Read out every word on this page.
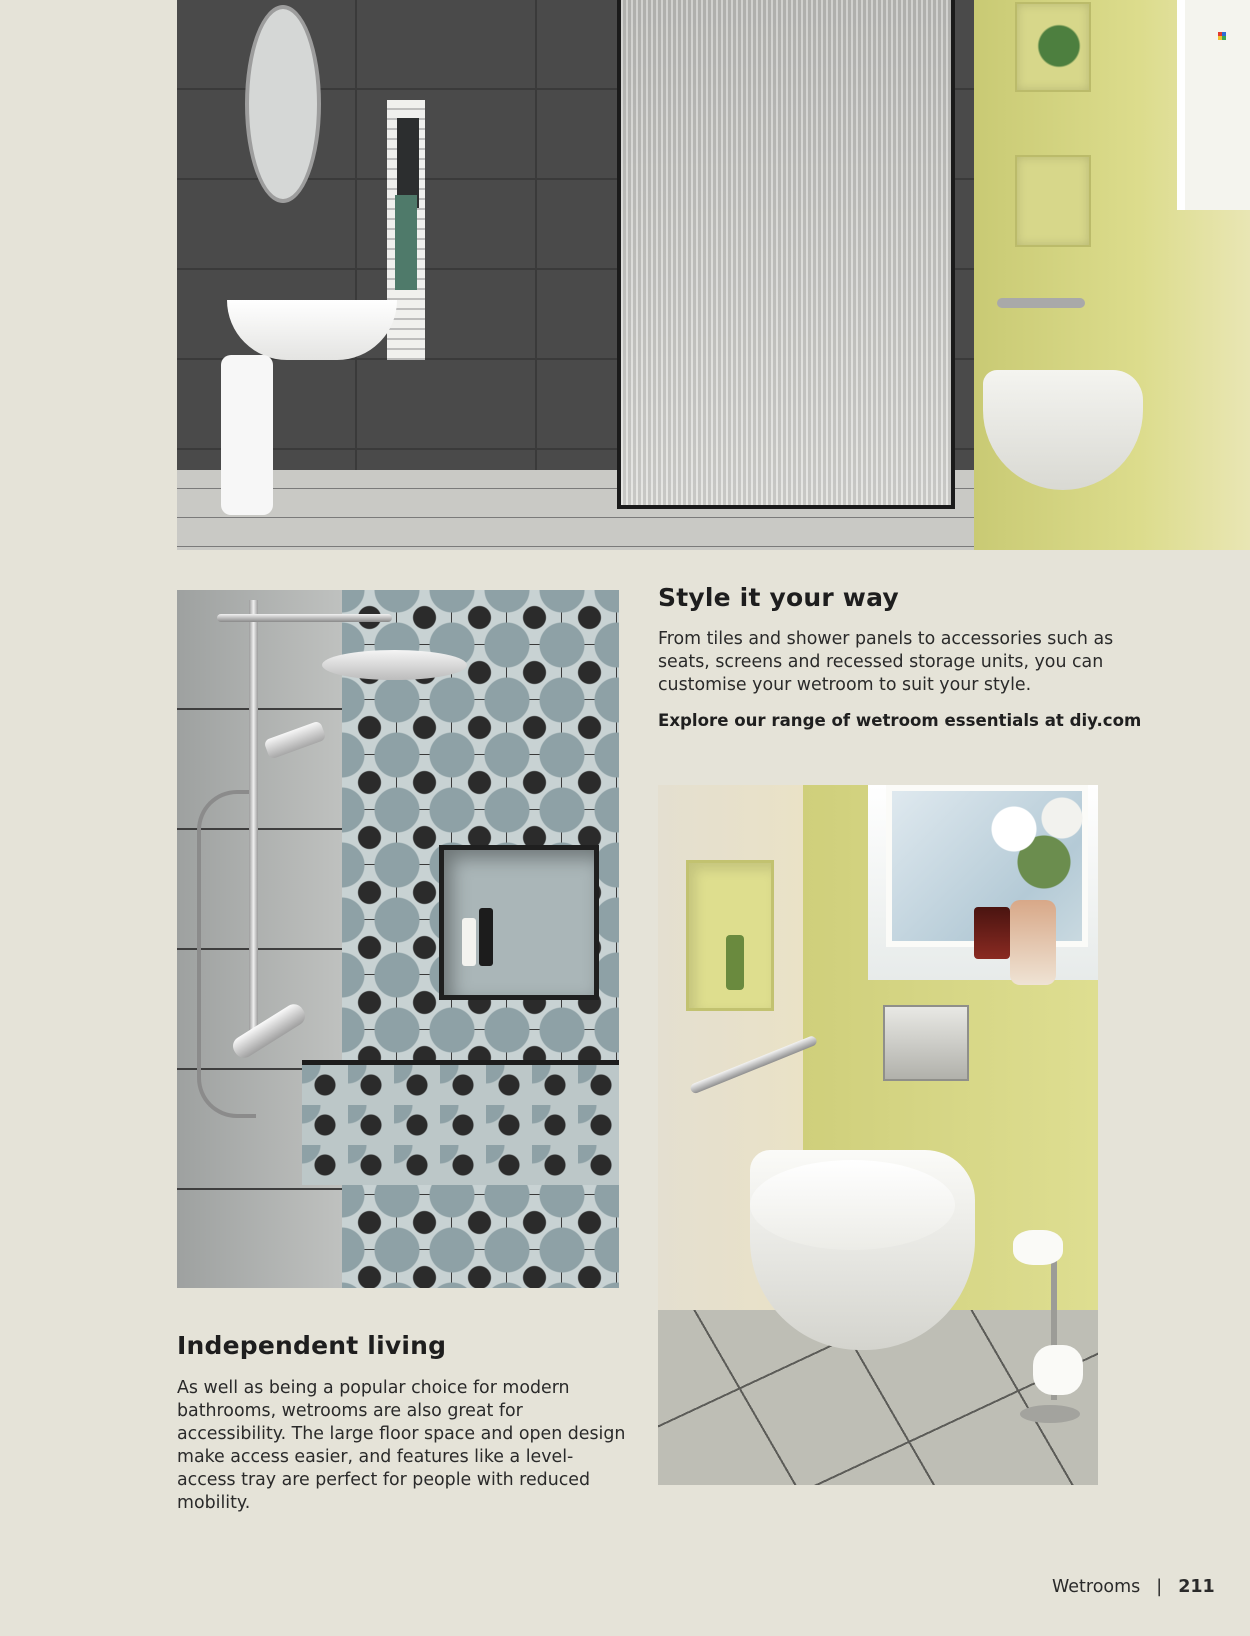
Style it your way

From tiles and shower panels to accessories such as seats, screens and recessed storage units, you can customise your wetroom to suit your style.

Explore our range of wetroom essentials at diy.com

Independent living

As well as being a popular choice for modern bathrooms, wetrooms are also great for accessibility. The large floor space and open design make access easier, and features like a level-access tray are perfect for people with reduced mobility.

Wetrooms | 211
